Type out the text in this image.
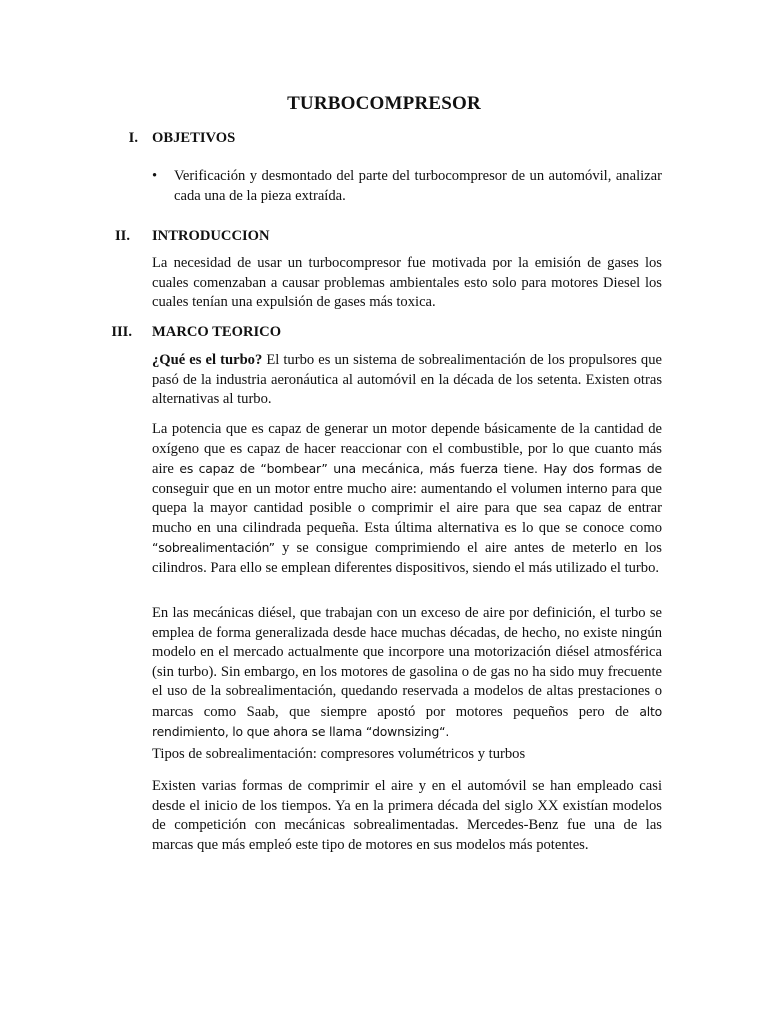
TURBOCOMPRESOR
I. OBJETIVOS
• Verificación y desmontado del parte del turbocompresor de un automóvil, analizar cada una de la pieza extraída.
II. INTRODUCCION

La necesidad de usar un turbocompresor fue motivada por la emisión de gases los cuales comenzaban a causar problemas ambientales esto solo para motores Diesel los cuales tenían una expulsión de gases más toxica.

III. MARCO TEORICO

¿Qué es el turbo? El turbo es un sistema de sobrealimentación de los propulsores que pasó de la industria aeronáutica al automóvil en la década de los setenta. Existen otras alternativas al turbo.

La potencia que es capaz de generar un motor depende básicamente de la cantidad de oxígeno que es capaz de hacer reaccionar con el combustible, por lo que cuanto más aire es capaz de “bombear” una mecánica, más fuerza tiene. Hay dos formas de conseguir que en un motor entre mucho aire: aumentando el volumen interno para que quepa la mayor cantidad posible o comprimir el aire para que sea capaz de entrar mucho en una cilindrada pequeña. Esta última alternativa es lo que se conoce como “sobrealimentación” y se consigue comprimiendo el aire antes de meterlo en los cilindros. Para ello se emplean diferentes dispositivos, siendo el más utilizado el turbo.

En las mecánicas diésel, que trabajan con un exceso de aire por definición, el turbo se emplea de forma generalizada desde hace muchas décadas, de hecho, no existe ningún modelo en el mercado actualmente que incorpore una motorización diésel atmosférica (sin turbo). Sin embargo, en los motores de gasolina o de gas no ha sido muy frecuente el uso de la sobrealimentación, quedando reservada a modelos de altas prestaciones o marcas como Saab, que siempre apostó por motores pequeños pero de alto rendimiento, lo que ahora se llama “downsizing“.

Tipos de sobrealimentación: compresores volumétricos y turbos

Existen varias formas de comprimir el aire y en el automóvil se han empleado casi desde el inicio de los tiempos. Ya en la primera década del siglo XX existían modelos de competición con mecánicas sobrealimentadas. Mercedes-Benz fue una de las marcas que más empleó este tipo de motores en sus modelos más potentes.
